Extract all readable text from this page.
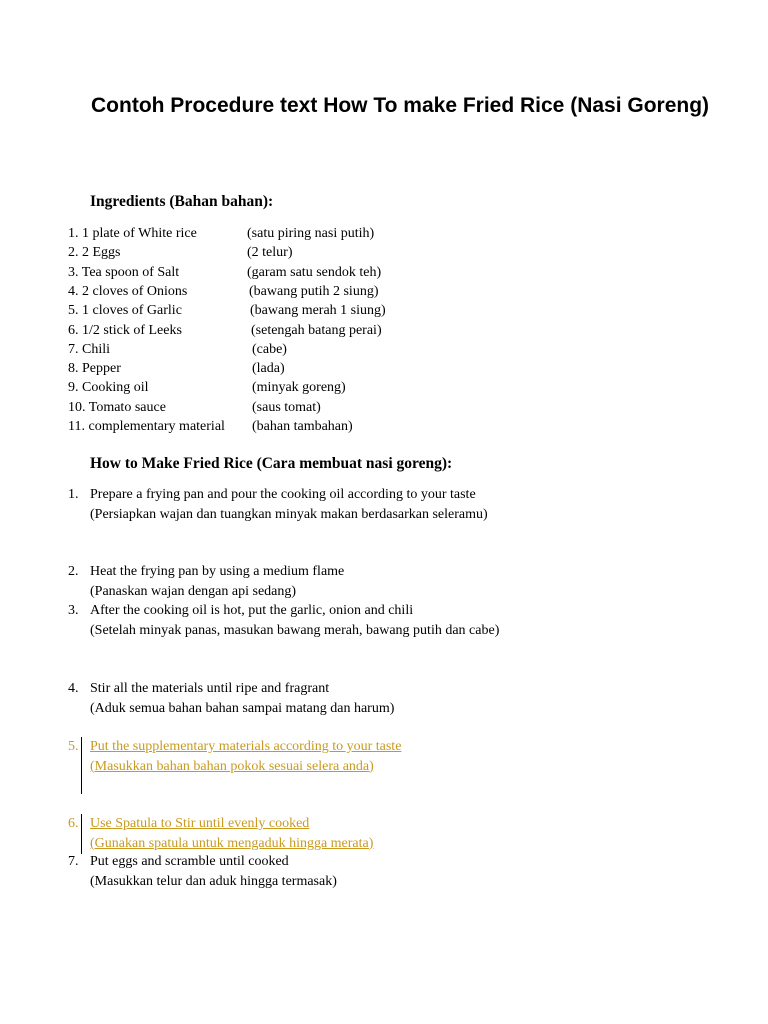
Contoh Procedure text How To make Fried Rice (Nasi Goreng)
Ingredients (Bahan bahan):
1. 1 plate of White rice	(satu piring nasi putih)
2. 2 Eggs	(2 telur)
3. Tea spoon of Salt	(garam satu sendok teh)
4. 2 cloves of Onions	(bawang putih 2 siung)
5. 1 cloves of Garlic	(bawang merah 1 siung)
6. 1/2 stick of Leeks	(setengah batang perai)
7. Chili	(cabe)
8. Pepper	(lada)
9. Cooking oil	(minyak goreng)
10. Tomato sauce	(saus tomat)
11. complementary material (bahan tambahan)
How to Make Fried Rice (Cara membuat nasi goreng):
1. Prepare a frying pan and pour the cooking oil according to your taste
(Persiapkan wajan dan tuangkan minyak makan berdasarkan seleramu)
2. Heat the frying pan by using a medium flame
(Panaskan wajan dengan api sedang)
3. After the cooking oil is hot, put the garlic, onion and chili
(Setelah minyak panas, masukan bawang merah, bawang putih dan cabe)
4. Stir all the materials until ripe and fragrant
(Aduk semua bahan bahan sampai matang dan harum)
5. Put the supplementary materials according to your taste
(Masukkan bahan bahan pokok sesuai selera anda)
6. Use Spatula to Stir until evenly cooked
(Gunakan spatula untuk mengaduk hingga merata)
7. Put eggs and scramble until cooked
(Masukkan telur dan aduk hingga termasak)
